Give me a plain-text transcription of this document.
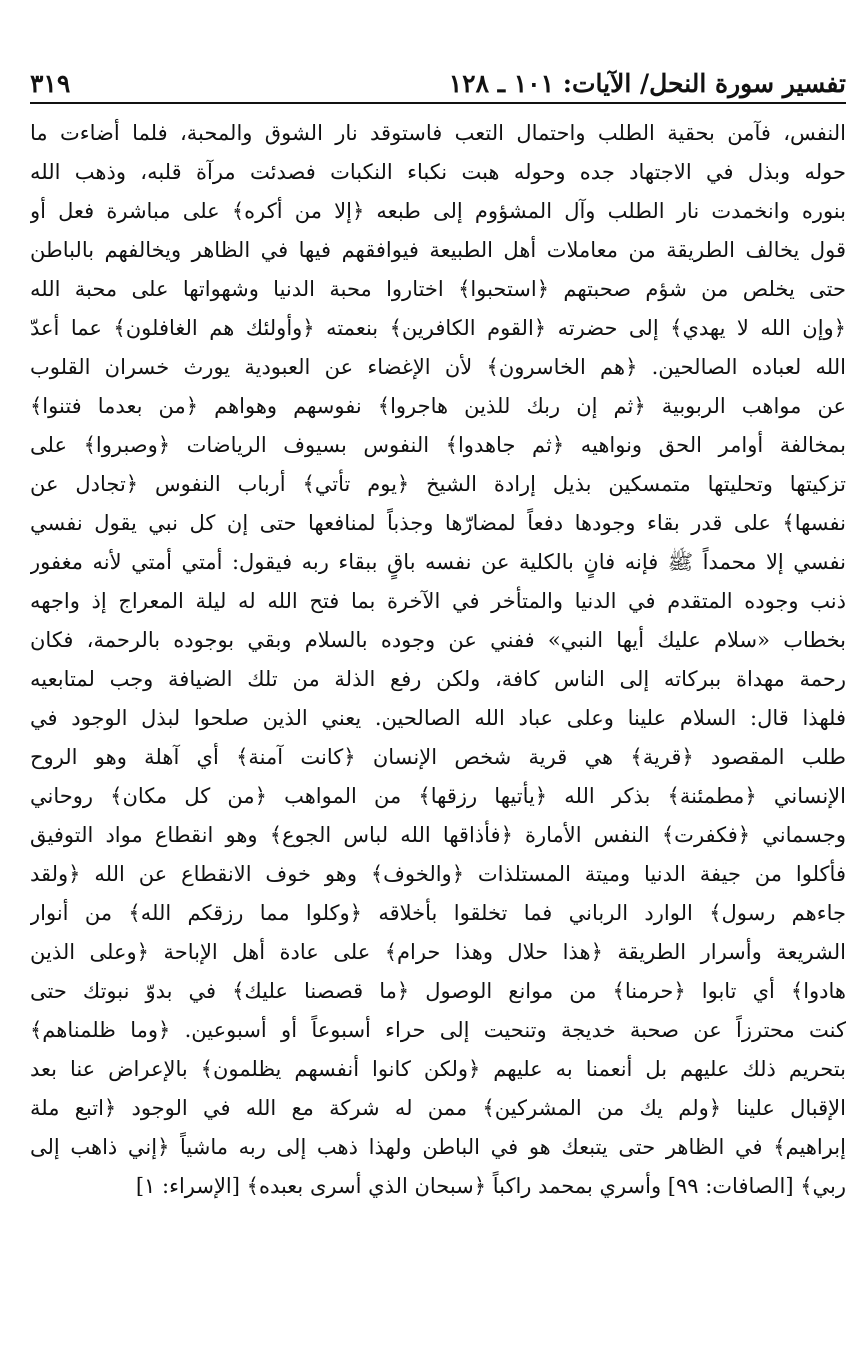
تفسير سورة النحل/ الآيات: ١٠١ ـ ١٢٨
٣١٩
النفس، فآمن بحقية الطلب واحتمال التعب فاستوقد نار الشوق والمحبة، فلما أضاءت ما
حوله وبذل في الاجتهاد جده وحوله هبت نكباء النكبات فصدئت مرآة قلبه، وذهب الله
بنوره وانخمدت نار الطلب وآل المشؤوم إلى طبعه ﴿إلا من أكره﴾ على مباشرة فعل أو
قول يخالف الطريقة من معاملات أهل الطبيعة فيوافقهم فيها في الظاهر ويخالفهم بالباطن
حتى يخلص من شؤم صحبتهم ﴿استحبوا﴾ اختاروا محبة الدنيا وشهواتها على محبة الله
﴿وإن الله لا يهدي﴾ إلى حضرته ﴿القوم الكافرين﴾ بنعمته ﴿وأولئك هم الغافلون﴾ عما أعدّ
الله لعباده الصالحين. ﴿هم الخاسرون﴾ لأن الإغضاء عن العبودية يورث خسران القلوب
عن مواهب الربوبية ﴿ثم إن ربك للذين هاجروا﴾ نفوسهم وهواهم ﴿من بعدما فتنوا﴾
بمخالفة أوامر الحق ونواهيه ﴿ثم جاهدوا﴾ النفوس بسيوف الرياضات ﴿وصبروا﴾ على
تزكيتها وتحليتها متمسكين بذيل إرادة الشيخ ﴿يوم تأتي﴾ أرباب النفوس ﴿تجادل عن
نفسها﴾ على قدر بقاء وجودها دفعاً لمضارّها وجذباً لمنافعها حتى إن كل نبي يقول نفسي
نفسي إلا محمداً ﷺ فإنه فانٍ بالكلية عن نفسه باقٍ ببقاء ربه فيقول: أمتي أمتي لأنه مغفور
ذنب وجوده المتقدم في الدنيا والمتأخر في الآخرة بما فتح الله له ليلة المعراج إذ واجهه
بخطاب «سلام عليك أيها النبي» ففني عن وجوده بالسلام وبقي بوجوده بالرحمة، فكان
رحمة مهداة ببركاته إلى الناس كافة، ولكن رفع الذلة من تلك الضيافة وجب لمتابعيه
فلهذا قال: السلام علينا وعلى عباد الله الصالحين. يعني الذين صلحوا لبذل الوجود في
طلب المقصود ﴿قرية﴾ هي قرية شخص الإنسان ﴿كانت آمنة﴾ أي آهلة وهو الروح
الإنساني ﴿مطمئنة﴾ بذكر الله ﴿يأتيها رزقها﴾ من المواهب ﴿من كل مكان﴾ روحاني
وجسماني ﴿فكفرت﴾ النفس الأمارة ﴿فأذاقها الله لباس الجوع﴾ وهو انقطاع مواد التوفيق
فأكلوا من جيفة الدنيا وميتة المستلذات ﴿والخوف﴾ وهو خوف الانقطاع عن الله ﴿ولقد
جاءهم رسول﴾ الوارد الرباني فما تخلقوا بأخلاقه ﴿وكلوا مما رزقكم الله﴾ من أنوار
الشريعة وأسرار الطريقة ﴿هذا حلال وهذا حرام﴾ على عادة أهل الإباحة ﴿وعلى الذين
هادوا﴾ أي تابوا ﴿حرمنا﴾ من موانع الوصول ﴿ما قصصنا عليك﴾ في بدوّ نبوتك حتى
كنت محترزاً عن صحبة خديجة وتنحيت إلى حراء أسبوعاً أو أسبوعين. ﴿وما ظلمناهم﴾
بتحريم ذلك عليهم بل أنعمنا به عليهم ﴿ولكن كانوا أنفسهم يظلمون﴾ بالإعراض عنا بعد
الإقبال علينا ﴿ولم يك من المشركين﴾ ممن له شركة مع الله في الوجود ﴿اتبع ملة
إبراهيم﴾ في الظاهر حتى يتبعك هو في الباطن ولهذا ذهب إلى ربه ماشياً ﴿إني ذاهب إلى
ربي﴾ [الصافات: ٩٩] وأسري بمحمد راكباً ﴿سبحان الذي أسرى بعبده﴾ [الإسراء: ١]
